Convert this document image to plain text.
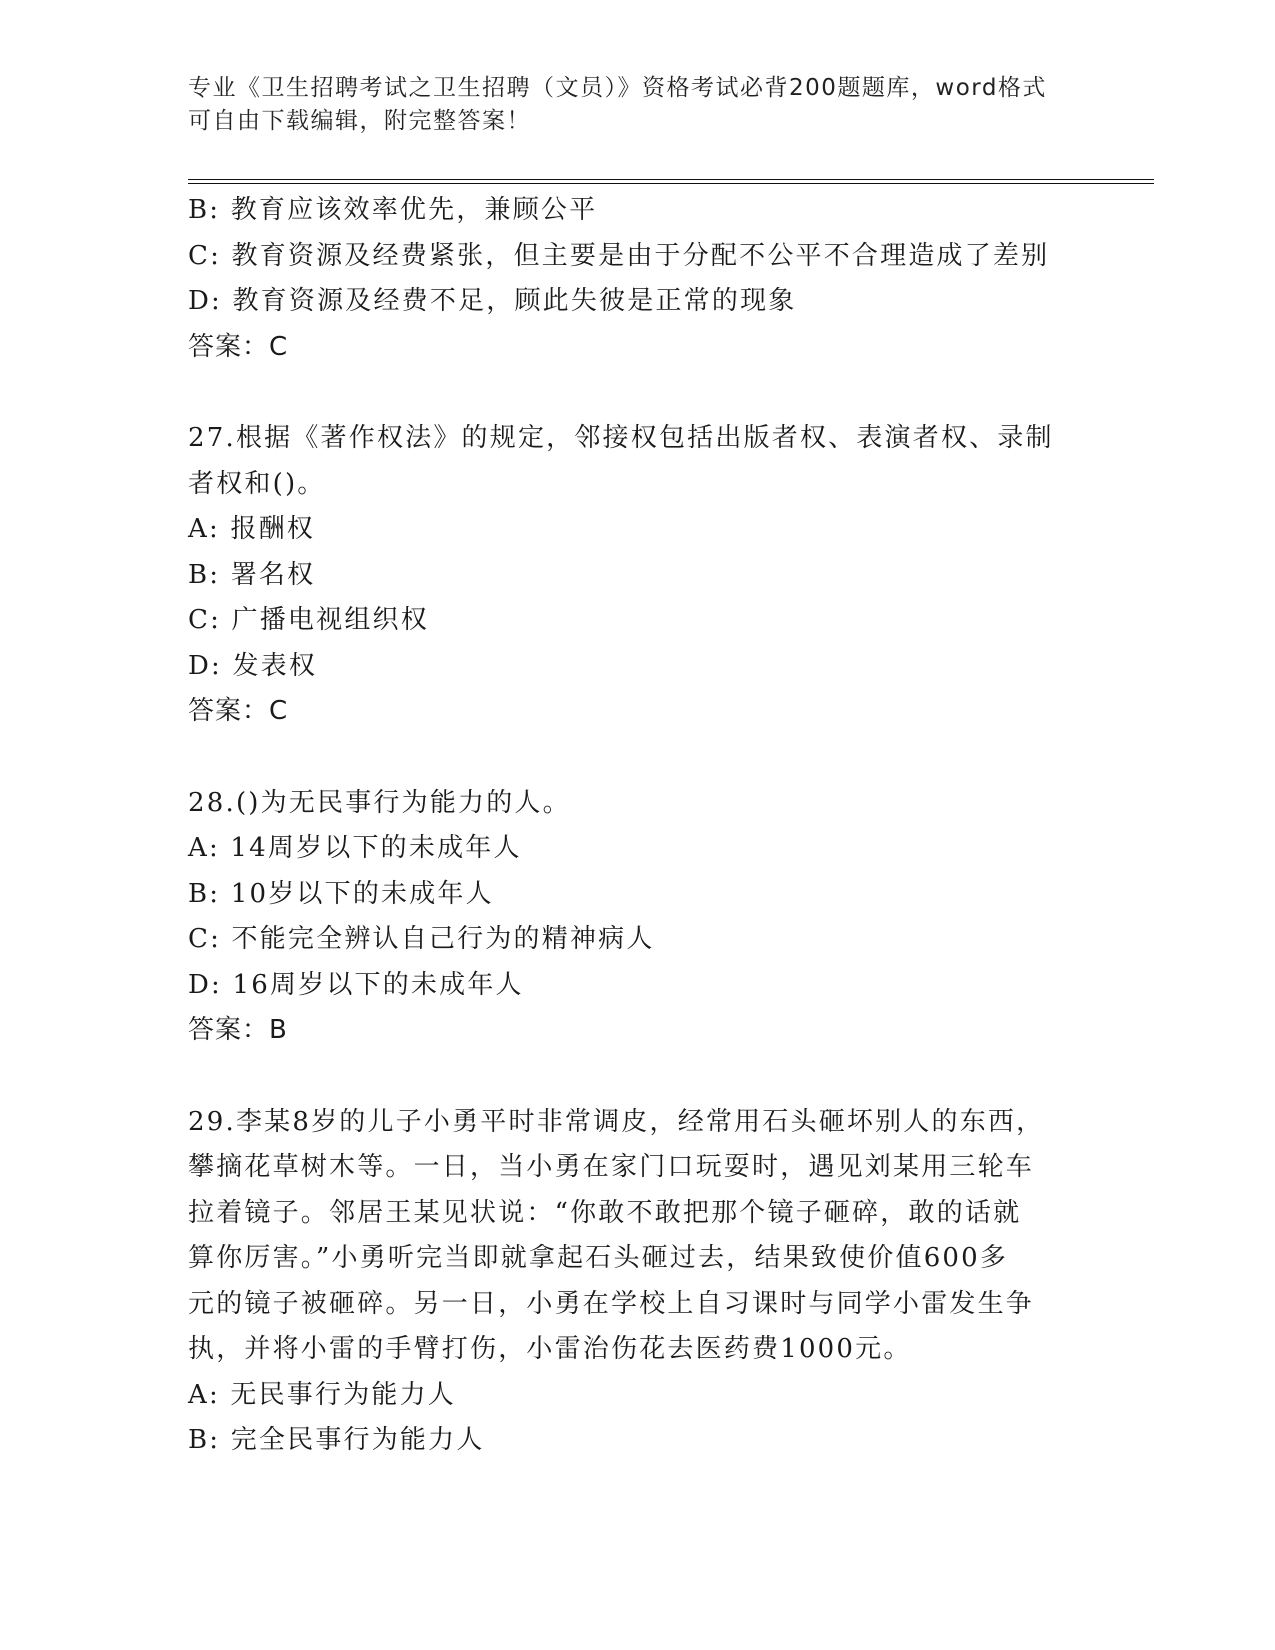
专业《卫生招聘考试之卫生招聘（文员）》资格考试必背200题题库，word格式
可自由下载编辑，附完整答案！
B: 教育应该效率优先，兼顾公平
C: 教育资源及经费紧张，但主要是由于分配不公平不合理造成了差别
D: 教育资源及经费不足，顾此失彼是正常的现象
答案：C
27.根据《著作权法》的规定，邻接权包括出版者权、表演者权、录制
者权和()。
A: 报酬权
B: 署名权
C: 广播电视组织权
D: 发表权
答案：C
28.()为无民事行为能力的人。
A: 14周岁以下的未成年人
B: 10岁以下的未成年人
C: 不能完全辨认自己行为的精神病人
D: 16周岁以下的未成年人
答案：B
29.李某8岁的儿子小勇平时非常调皮，经常用石头砸坏别人的东西，
攀摘花草树木等。一日，当小勇在家门口玩耍时，遇见刘某用三轮车
拉着镜子。邻居王某见状说：“你敢不敢把那个镜子砸碎，敢的话就
算你厉害。”小勇听完当即就拿起石头砸过去，结果致使价值600多
元的镜子被砸碎。另一日，小勇在学校上自习课时与同学小雷发生争
执，并将小雷的手臂打伤，小雷治伤花去医药费1000元。
A: 无民事行为能力人
B: 完全民事行为能力人
